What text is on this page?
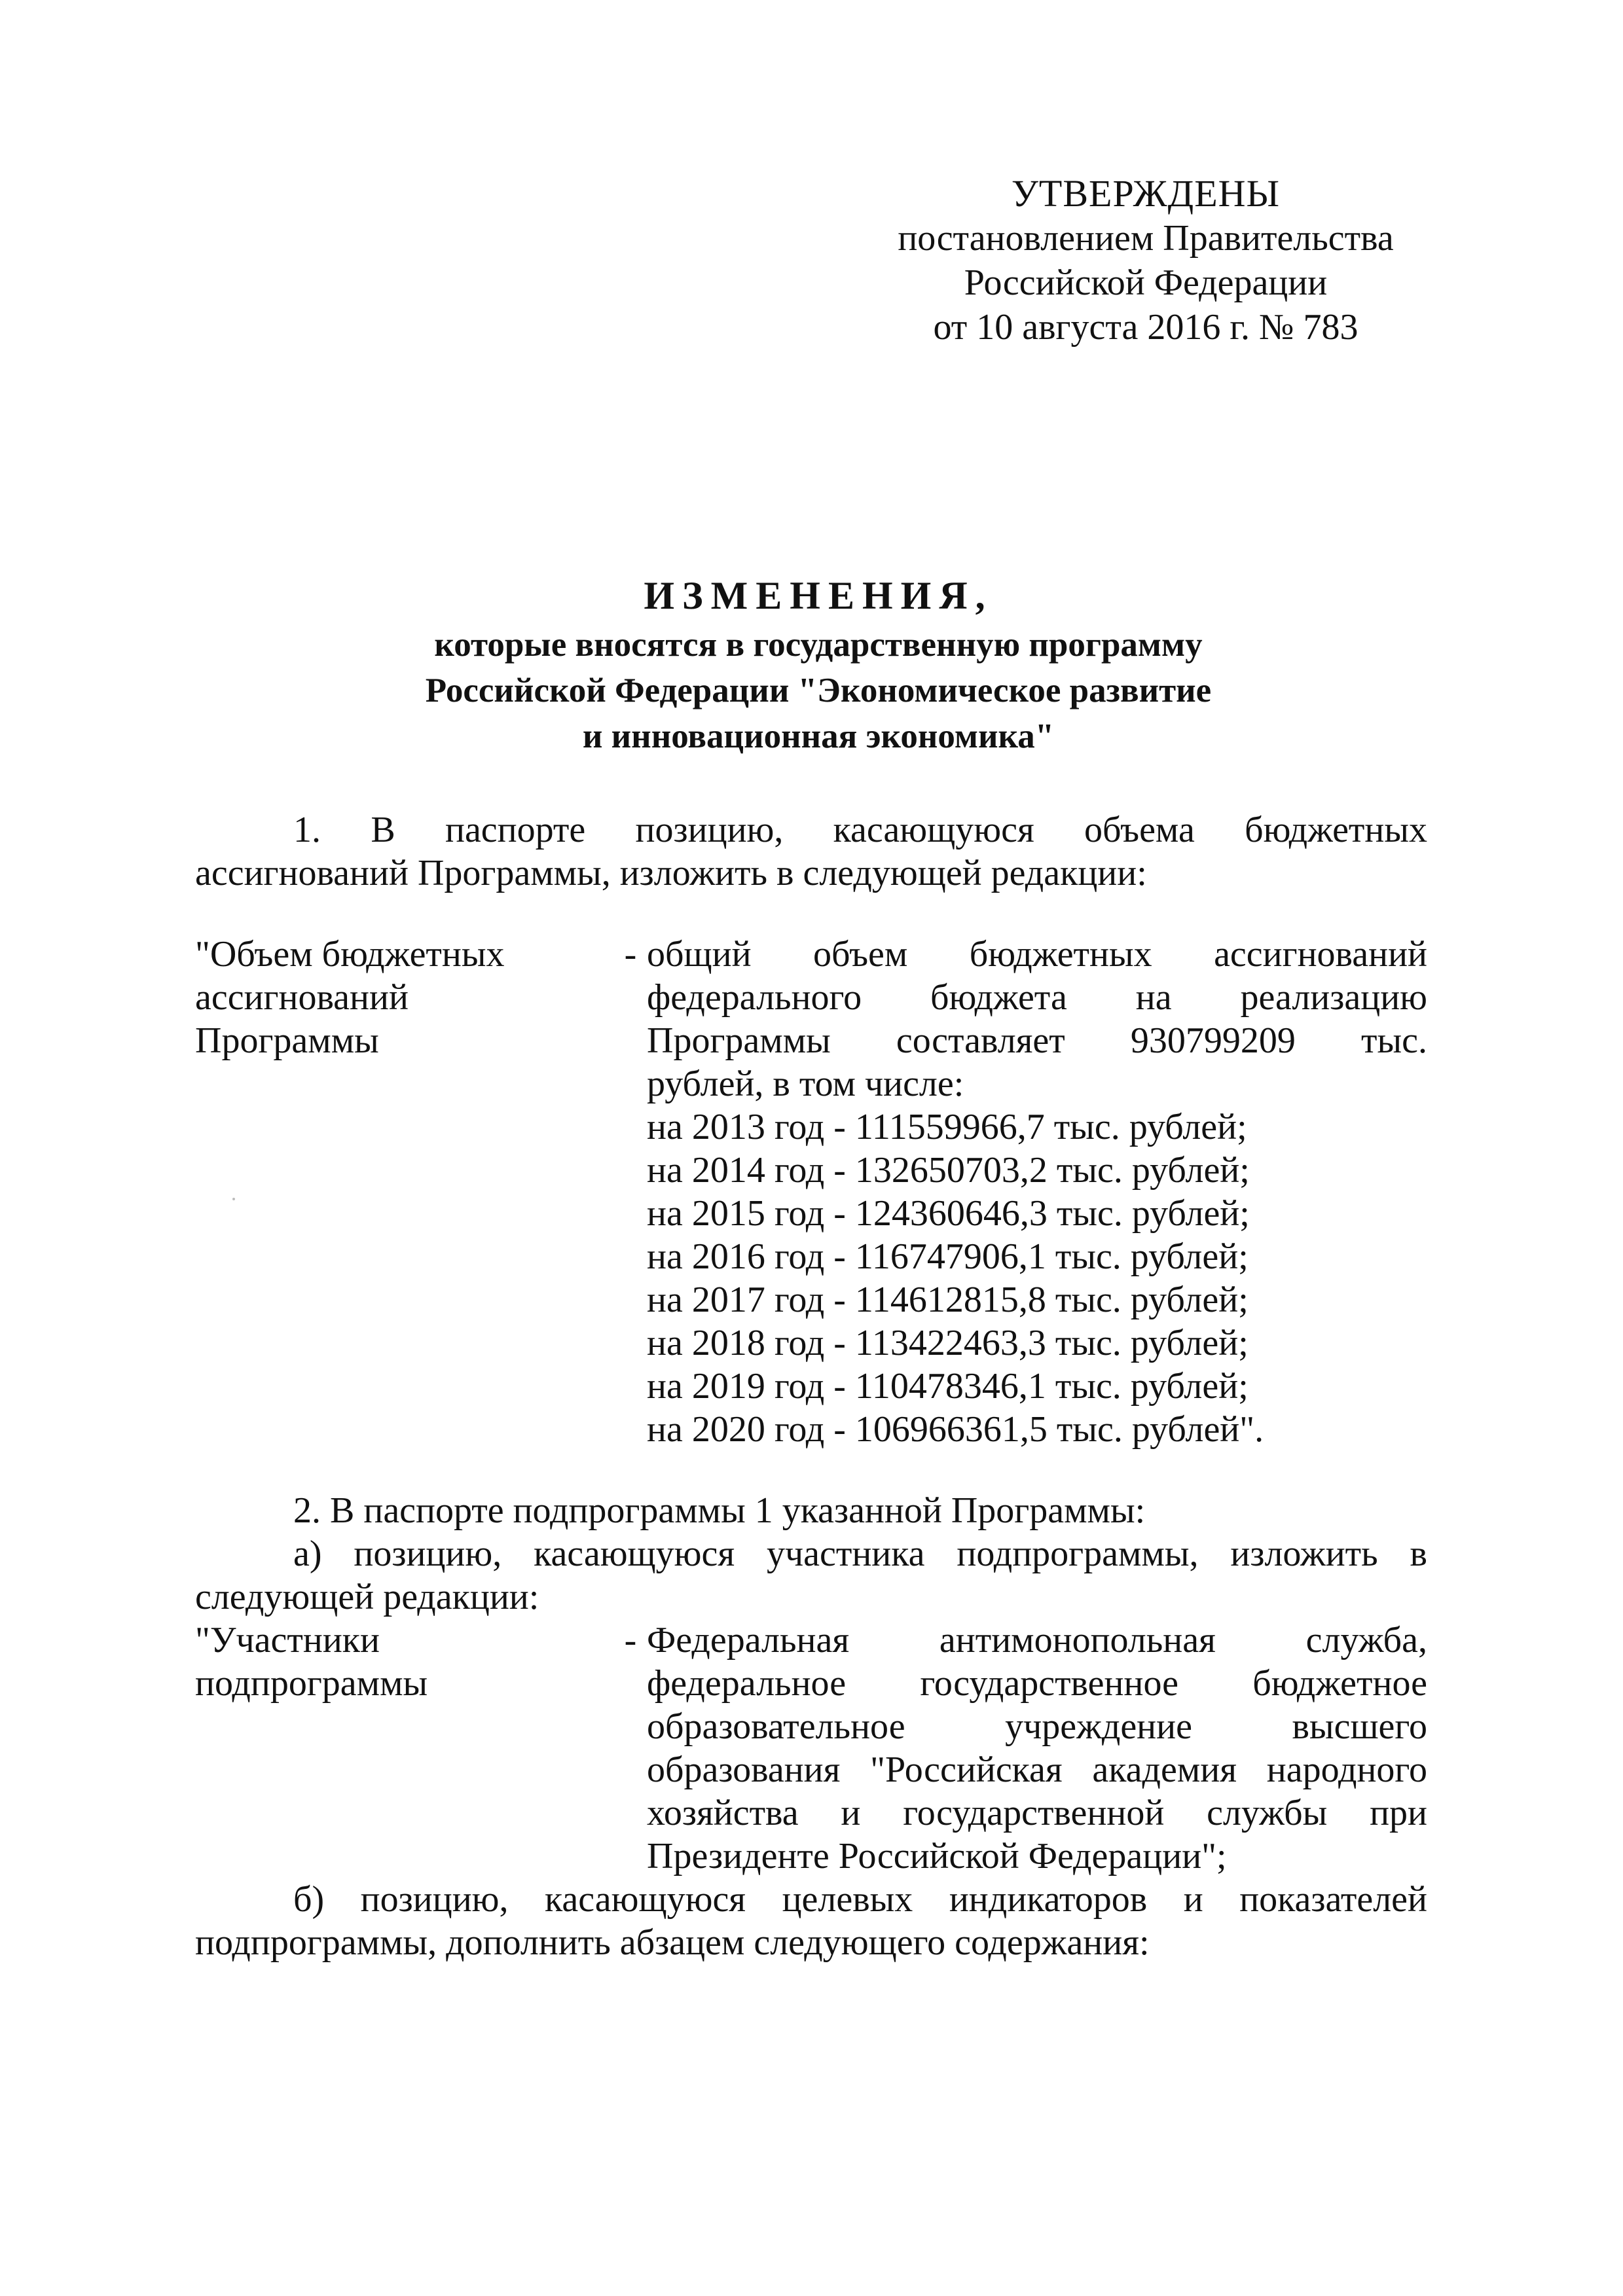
УТВЕРЖДЕНЫ
постановлением Правительства
Российской Федерации
от 10 августа 2016 г. № 783
ИЗМЕНЕНИЯ,
которые вносятся в государственную программу
Российской Федерации "Экономическое развитие
и инновационная экономика"

1. В паспорте позицию, касающуюся объема бюджетных

ассигнований Программы, изложить в следующей редакции:

"Объем бюджетных
ассигнований
Программы
- общий объем бюджетных ассигнований
федерального бюджета на реализацию
Программы составляет 930799209 тыс.
рублей, в том числе:
на 2013 год - 111559966,7 тыс. рублей;
на 2014 год - 132650703,2 тыс. рублей;
на 2015 год - 124360646,3 тыс. рублей;
на 2016 год - 116747906,1 тыс. рублей;
на 2017 год - 114612815,8 тыс. рублей;
на 2018 год - 113422463,3 тыс. рублей;
на 2019 год - 110478346,1 тыс. рублей;
на 2020 год - 106966361,5 тыс. рублей".

2. В паспорте подпрограммы 1 указанной Программы:

а) позицию, касающуюся участника подпрограммы, изложить в

следующей редакции:

"Участники
подпрограммы
- Федеральная антимонопольная служба,
федеральное государственное бюджетное
образовательное учреждение высшего
образования "Российская академия народного
хозяйства и государственной службы при
Президенте Российской Федерации";

б) позицию, касающуюся целевых индикаторов и показателей

подпрограммы, дополнить абзацем следующего содержания:
